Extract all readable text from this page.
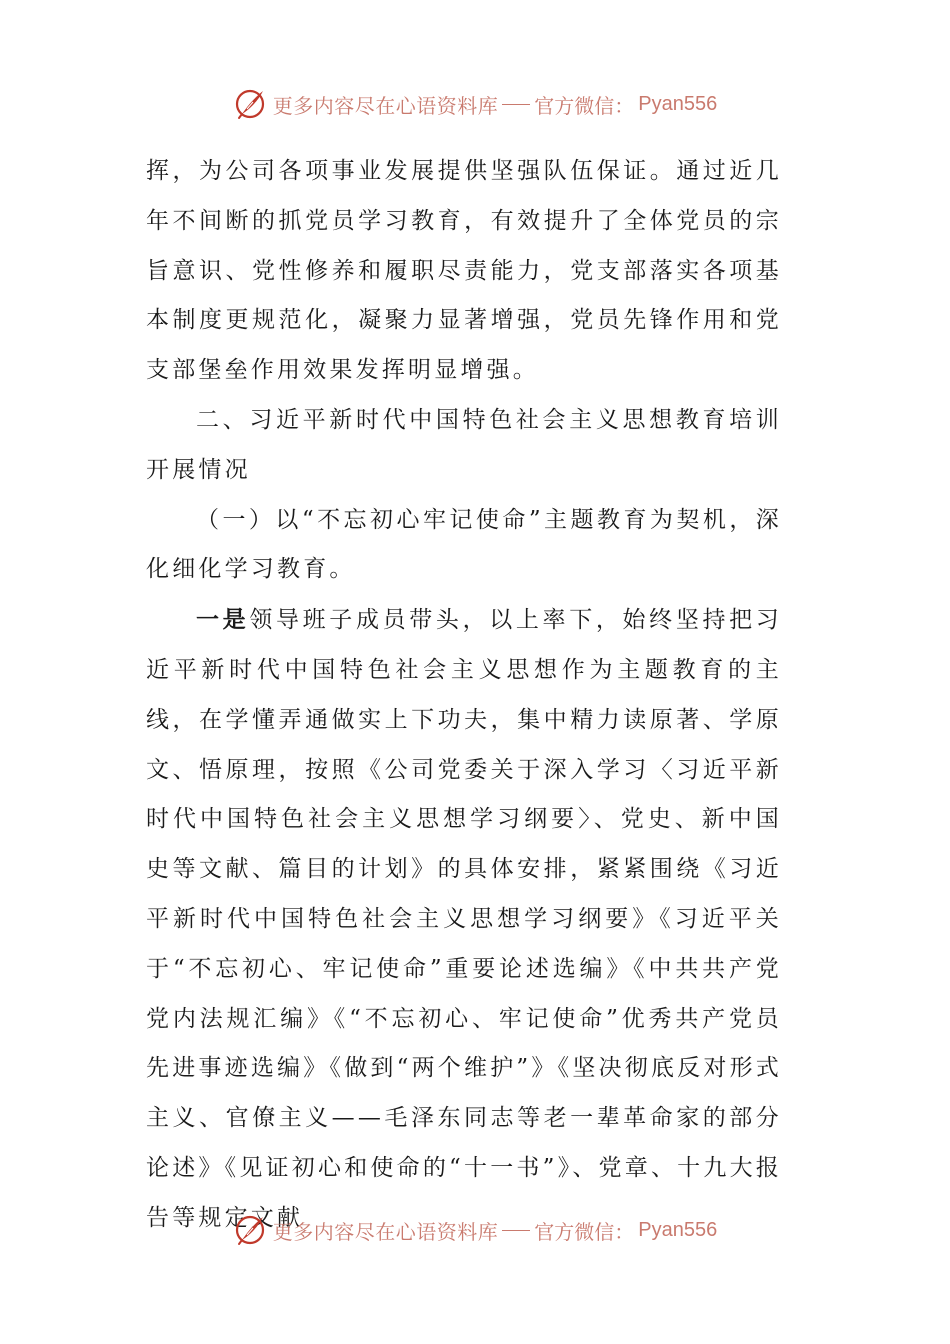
更多内容尽在心语资料库 官方微信： Pyan556

挥，为公司各项事业发展提供坚强队伍保证。通过近几年不间断的抓党员学习教育，有效提升了全体党员的宗旨意识、党性修养和履职尽责能力，党支部落实各项基本制度更规范化，凝聚力显著增强，党员先锋作用和党支部堡垒作用效果发挥明显增强。

二、习近平新时代中国特色社会主义思想教育培训开展情况

（一）以“不忘初心牢记使命”主题教育为契机，深化细化学习教育。

一是领导班子成员带头，以上率下，始终坚持把习近平新时代中国特色社会主义思想作为主题教育的主线，在学懂弄通做实上下功夫，集中精力读原著、学原文、悟原理，按照《公司党委关于深入学习〈习近平新时代中国特色社会主义思想学习纲要〉、党史、新中国史等文献、篇目的计划》的具体安排，紧紧围绕《习近平新时代中国特色社会主义思想学习纲要》《习近平关于“不忘初心、牢记使命”重要论述选编》《中共共产党党内法规汇编》《“不忘初心、牢记使命”优秀共产党员先进事迹选编》《做到“两个维护”》《坚决彻底反对形式主义、官僚主义——毛泽东同志等老一辈革命家的部分论述》《见证初心和使命的“十一书”》、党章、十九大报告等规定文献

更多内容尽在心语资料库 官方微信： Pyan556
